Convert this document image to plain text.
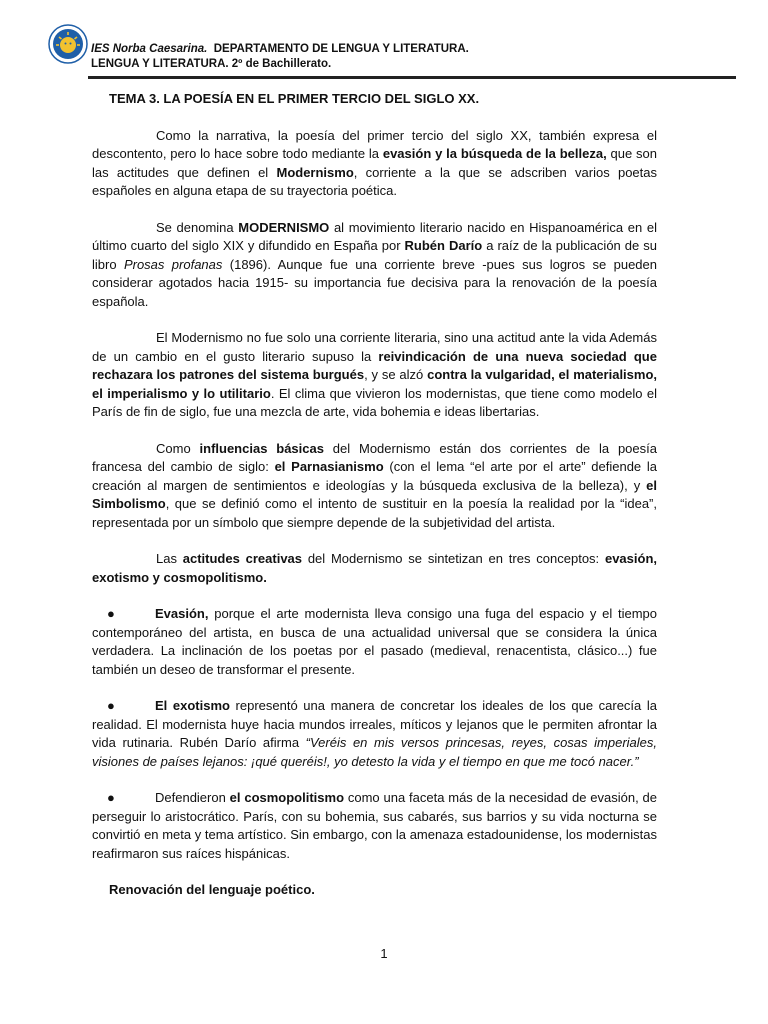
IES Norba Caesarina. DEPARTAMENTO DE LENGUA Y LITERATURA.
LENGUA Y LITERATURA. 2º de Bachillerato.

TEMA 3. LA POESÍA EN EL PRIMER TERCIO DEL SIGLO XX.

Como la narrativa, la poesía del primer tercio del siglo XX, también expresa el descontento, pero lo hace sobre todo mediante la evasión y la búsqueda de la belleza, que son las actitudes que definen el Modernismo, corriente a la que se adscriben varios poetas españoles en alguna etapa de su trayectoria poética.

Se denomina MODERNISMO al movimiento literario nacido en Hispanoamérica en el último cuarto del siglo XIX y difundido en España por Rubén Darío a raíz de la publicación de su libro Prosas profanas (1896). Aunque fue una corriente breve -pues sus logros se pueden considerar agotados hacia 1915- su importancia fue decisiva para la renovación de la poesía española.

El Modernismo no fue solo una corriente literaria, sino una actitud ante la vida Además de un cambio en el gusto literario supuso la reivindicación de una nueva sociedad que rechazara los patrones del sistema burgués, y se alzó contra la vulgaridad, el materialismo, el imperialismo y lo utilitario. El clima que vivieron los modernistas, que tiene como modelo el París de fin de siglo, fue una mezcla de arte, vida bohemia e ideas libertarias.

Como influencias básicas del Modernismo están dos corrientes de la poesía francesa del cambio de siglo: el Parnasianismo (con el lema “el arte por el arte” defiende la creación al margen de sentimientos e ideologías y la búsqueda exclusiva de la belleza), y el Simbolismo, que se definió como el intento de sustituir en la poesía la realidad por la “idea”, representada por un símbolo que siempre depende de la subjetividad del artista.

Las actitudes creativas del Modernismo se sintetizan en tres conceptos: evasión, exotismo y cosmopolitismo.

●	Evasión, porque el arte modernista lleva consigo una fuga del espacio y el tiempo contemporáneo del artista, en busca de una actualidad universal que se considera la única verdadera. La inclinación de los poetas por el pasado (medieval, renacentista, clásico...) fue también un deseo de transformar el presente.

●	El exotismo representó una manera de concretar los ideales de los que carecía la realidad. El modernista huye hacia mundos irreales, míticos y lejanos que le permiten afrontar la vida rutinaria. Rubén Darío afirma “Veréis en mis versos princesas, reyes, cosas imperiales, visiones de países lejanos: ¡qué queréis!, yo detesto la vida y el tiempo en que me tocó nacer.”

●	Defendieron el cosmopolitismo como una faceta más de la necesidad de evasión, de perseguir lo aristocrático. París, con su bohemia, sus cabarés, sus barrios y su vida nocturna se convirtió en meta y tema artístico. Sin embargo, con la amenaza estadounidense, los modernistas reafirmaron sus raíces hispánicas.

Renovación del lenguaje poético.

1
